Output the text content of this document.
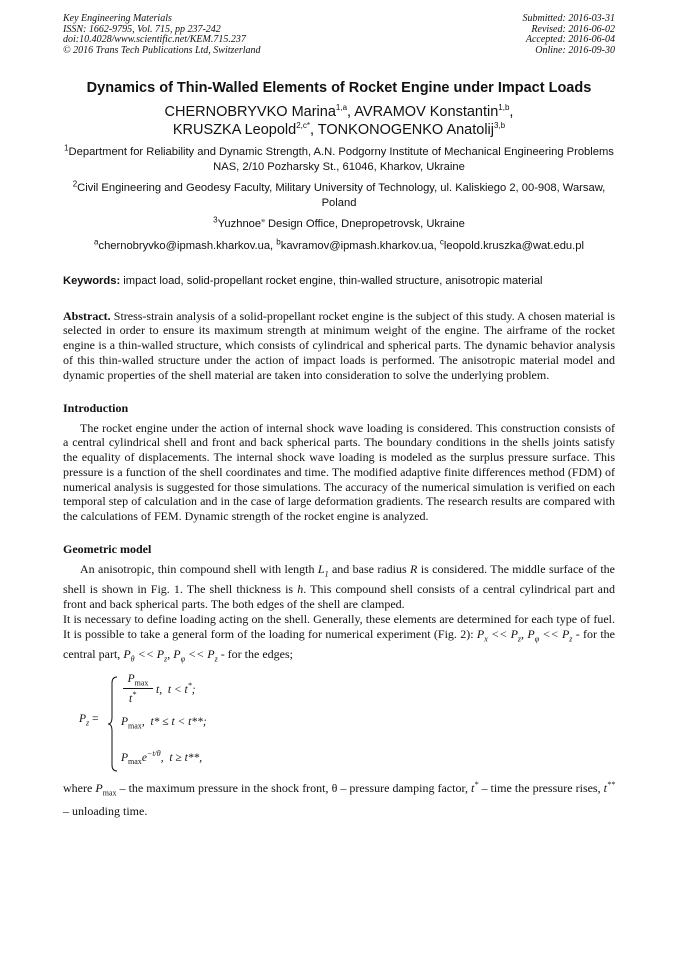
Key Engineering Materials
ISSN: 1662-9795, Vol. 715, pp 237-242
doi:10.4028/www.scientific.net/KEM.715.237
© 2016 Trans Tech Publications Ltd, Switzerland
Submitted: 2016-03-31
Revised: 2016-06-02
Accepted: 2016-06-04
Online: 2016-09-30
Dynamics of Thin-Walled Elements of Rocket Engine under Impact Loads
CHERNOBRYVKO Marina$^{1,a}$, AVRAMOV Konstantin$^{1,b}$,
KRUSZKA Leopold$^{2,c*}$, TONKONOGENKO Anatolij$^{3,b}$
$^1$Department for Reliability and Dynamic Strength, A.N. Podgorny Institute of Mechanical Engineering Problems NAS, 2/10 Pozharsky St., 61046, Kharkov, Ukraine
$^2$Civil Engineering and Geodesy Faculty, Military University of Technology, ul. Kaliskiego 2, 00-908, Warsaw, Poland
$^3$Yuzhnoe” Design Office, Dnepropetrovsk, Ukraine
$^a$chernobryvko@ipmash.kharkov.ua, $^b$kavramov@ipmash.kharkov.ua, $^c$leopold.kruszka@wat.edu.pl
Keywords: impact load, solid-propellant rocket engine, thin-walled structure, anisotropic material
Abstract. Stress-strain analysis of a solid-propellant rocket engine is the subject of this study. A chosen material is selected in order to ensure its maximum strength at minimum weight of the engine. The airframe of the rocket engine is a thin-walled structure, which consists of cylindrical and spherical parts. The dynamic behavior analysis of this thin-walled structure under the action of impact loads is performed. The anisotropic material model and dynamic properties of the shell material are taken into consideration to solve the underlying problem.
Introduction

The rocket engine under the action of internal shock wave loading is considered. This construction consists of a central cylindrical shell and front and back spherical parts. The boundary conditions in the shells joints satisfy the equality of displacements. The internal shock wave loading is modeled as the surplus pressure surface. This pressure is a function of the shell coordinates and time. The modified adaptive finite differences method (FDM) of numerical analysis is suggested for those simulations. The accuracy of the numerical simulation is verified on each temporal step of calculation and in the case of large deformation gradients. The research results are compared with the calculations of FEM. Dynamic strength of the rocket engine is analyzed.

Geometric model

An anisotropic, thin compound shell with length $L_1$ and base radius R is considered. The middle surface of the shell is shown in Fig. 1. The shell thickness is h. This compound shell consists of a central cylindrical part and front and back spherical parts. The both edges of the shell are clamped.

It is necessary to define loading acting on the shell. Generally, these elements are determined for each type of fuel. It is possible to take a general form of the loading for numerical experiment (Fig. 2): $P_x << P_z$, $P_\varphi << P_z$ - for the central part, $P_\theta << P_z$, $P_\varphi << P_z$ - for the edges;

$P_z$ =
$P_{max}$
t* t,  t < t*;
$P_{max}$,  t* ≤ t < t**;
$P_{max}e^{-t/\theta}$,  t ≥ t**,

where $P_{max}$ – the maximum pressure in the shock front, θ – pressure damping factor, t* – time the pressure rises, t** – unloading time.
